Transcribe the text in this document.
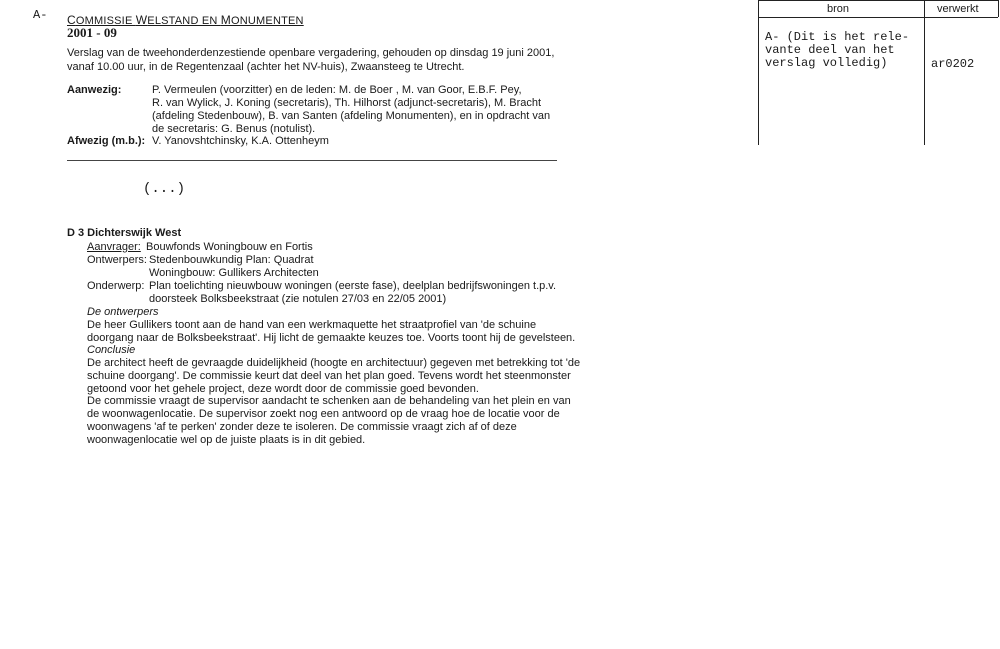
A- COMMISSIE WELSTAND EN MONUMENTEN
2001 - 09
Verslag van de tweehonderdenzestiende openbare vergadering, gehouden op dinsdag 19 juni 2001,
vanaf 10.00 uur, in de Regentenzaal (achter het NV-huis), Zwaansteeg te Utrecht.
Aanwezig:	P. Vermeulen (voorzitter) en de leden: M. de Boer , M. van Goor, E.B.F. Pey,
R. van Wylick, J. Koning (secretaris), Th. Hilhorst (adjunct-secretaris), M. Bracht
(afdeling Stedenbouw), B. van Santen (afdeling Monumenten), en in opdracht van
de secretaris: G. Benus (notulist).
Afwezig (m.b.): V. Yanovshtchinsky, K.A. Ottenheym
(...)
D 3 Dichterswijk West
Aanvrager: Bouwfonds Woningbouw en Fortis
Ontwerpers: Stedenbouwkundig Plan: Quadrat
Woningbouw: Gullikers Architecten
Onderwerp: Plan toelichting nieuwbouw woningen (eerste fase), deelplan bedrijfswoningen t.p.v.
doorsteek Bolksbeekstraat (zie notulen 27/03 en 22/05 2001)
De ontwerpers
De heer Gullikers toont aan de hand van een werkmaquette het straatprofiel van 'de schuine
doorgang naar de Bolksbeekstraat'. Hij licht de gemaakte keuzes toe. Voorts toont hij de gevelsteen.
Conclusie
De architect heeft de gevraagde duidelijkheid (hoogte en architectuur) gegeven met betrekking tot 'de
schuine doorgang'. De commissie keurt dat deel van het plan goed. Tevens wordt het steenmonster
getoond voor het gehele project, deze wordt door de commissie goed bevonden.
De commissie vraagt de supervisor aandacht te schenken aan de behandeling van het plein en van
de woonwagenlocatie. De supervisor zoekt nog een antwoord op de vraag hoe de locatie voor de
woonwagens 'af te perken' zonder deze te isoleren. De commissie vraagt zich af of deze
woonwagenlocatie wel op de juiste plaats is in dit gebied.
bron	verwerkt
A- (Dit is het rele-
vante deel van het
verslag volledig)	ar0202
